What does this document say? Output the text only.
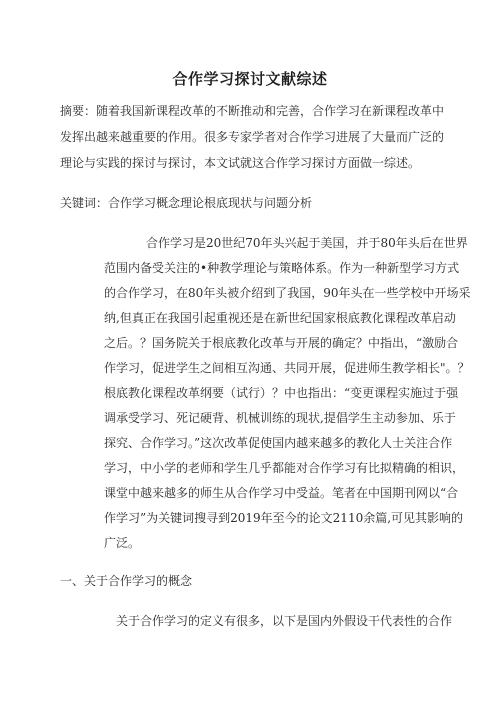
合作学习探讨文献综述
摘要：随着我国新课程改革的不断推动和完善，合作学习在新课程改革中
发挥出越来越重要的作用。很多专家学者对合作学习进展了大量而广泛的
理论与实践的探讨与探讨，本文试就这合作学习探讨方面做一综述。
关键词：合作学习概念理论根底现状与问题分析
合作学习是20世纪70年头兴起于美国，并于80年头后在世界
范围内备受关注的•种教学理论与策略体系。作为一种新型学习方式
的合作学习，在80年头被介绍到了我国，90年头在一些学校中开场采
纳,但真正在我国引起重视还是在新世纪国家根底教化课程改革启动
之后。？国务院关于根底教化改革与开展的确定？中指出，“激励合
作学习，促进学生之间相互沟通、共同开展，促进师生教学相长"。？
根底教化课程改革纲要（试行）？中也指出：“变更课程实施过于强
调承受学习、死记硬背、机械训练的现状,提倡学生主动参加、乐于
探究、合作学习。”这次改革促使国内越来越多的教化人士关注合作
学习，中小学的老师和学生几乎都能对合作学习有比拟精确的相识，
课堂中越来越多的师生从合作学习中受益。笔者在中国期刊网以“合
作学习”为关键词搜寻到2019年至今的论文2110余篇,可见其影响的
广泛。
一、关于合作学习的概念
关于合作学习的定义有很多，以下是国内外假设干代表性的合作
